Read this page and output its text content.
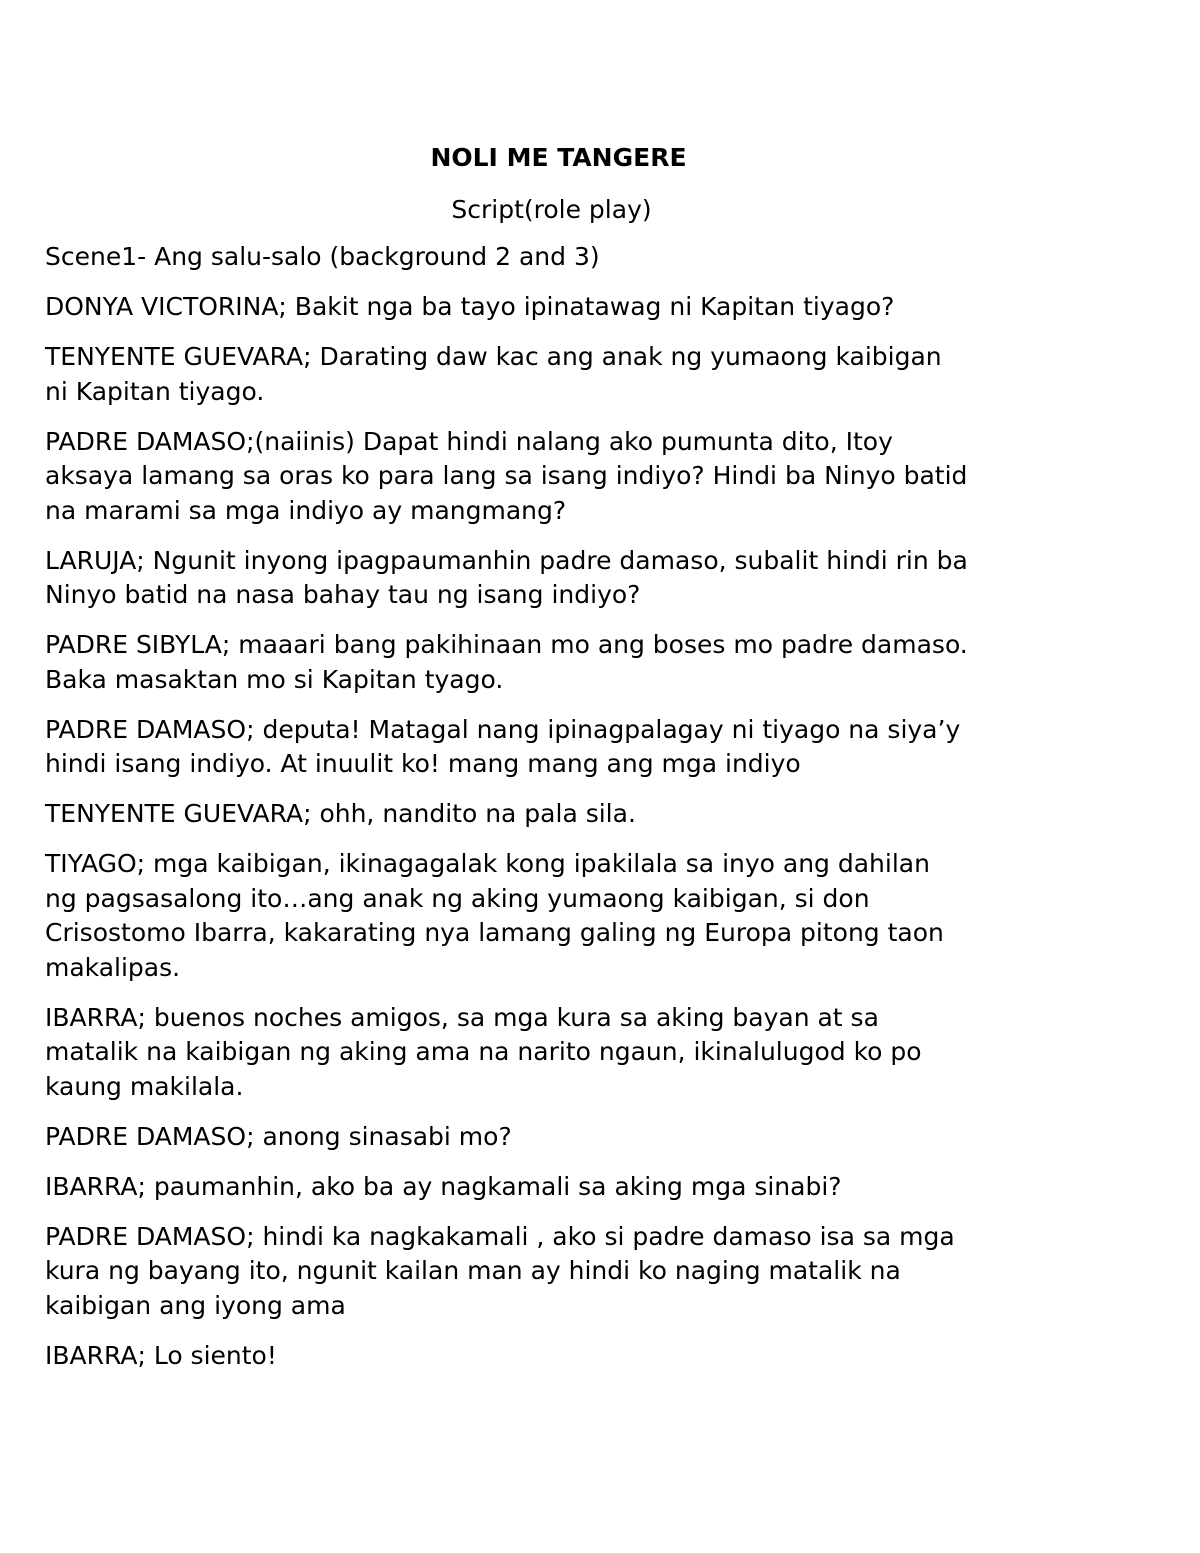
NOLI ME TANGERE

Script(role play)

Scene1- Ang salu-salo (background 2 and 3)

DONYA VICTORINA; Bakit nga ba tayo ipinatawag ni Kapitan tiyago?

TENYENTE GUEVARA; Darating daw kac ang anak ng yumaong kaibigan
ni Kapitan tiyago.

PADRE DAMASO;(naiinis) Dapat hindi nalang ako pumunta dito, Itoy
aksaya lamang sa oras ko para lang sa isang indiyo? Hindi ba Ninyo batid
na marami sa mga indiyo ay mangmang?

LARUJA; Ngunit inyong ipagpaumanhin padre damaso, subalit hindi rin ba
Ninyo batid na nasa bahay tau ng isang indiyo?

PADRE SIBYLA; maaari bang pakihinaan mo ang boses mo padre damaso.
Baka masaktan mo si Kapitan tyago.

PADRE DAMASO; deputa! Matagal nang ipinagpalagay ni tiyago na siya’y
hindi isang indiyo. At inuulit ko! mang mang ang mga indiyo

TENYENTE GUEVARA; ohh, nandito na pala sila.

TIYAGO; mga kaibigan, ikinagagalak kong ipakilala sa inyo ang dahilan
ng pagsasalong ito…ang anak ng aking yumaong kaibigan, si don
Crisostomo Ibarra, kakarating nya lamang galing ng Europa pitong taon
makalipas.

IBARRA; buenos noches amigos, sa mga kura sa aking bayan at sa
matalik na kaibigan ng aking ama na narito ngaun, ikinalulugod ko po
kaung makilala.

PADRE DAMASO; anong sinasabi mo?

IBARRA; paumanhin, ako ba ay nagkamali sa aking mga sinabi?

PADRE DAMASO; hindi ka nagkakamali , ako si padre damaso isa sa mga
kura ng bayang ito, ngunit kailan man ay hindi ko naging matalik na
kaibigan ang iyong ama

IBARRA; Lo siento!
